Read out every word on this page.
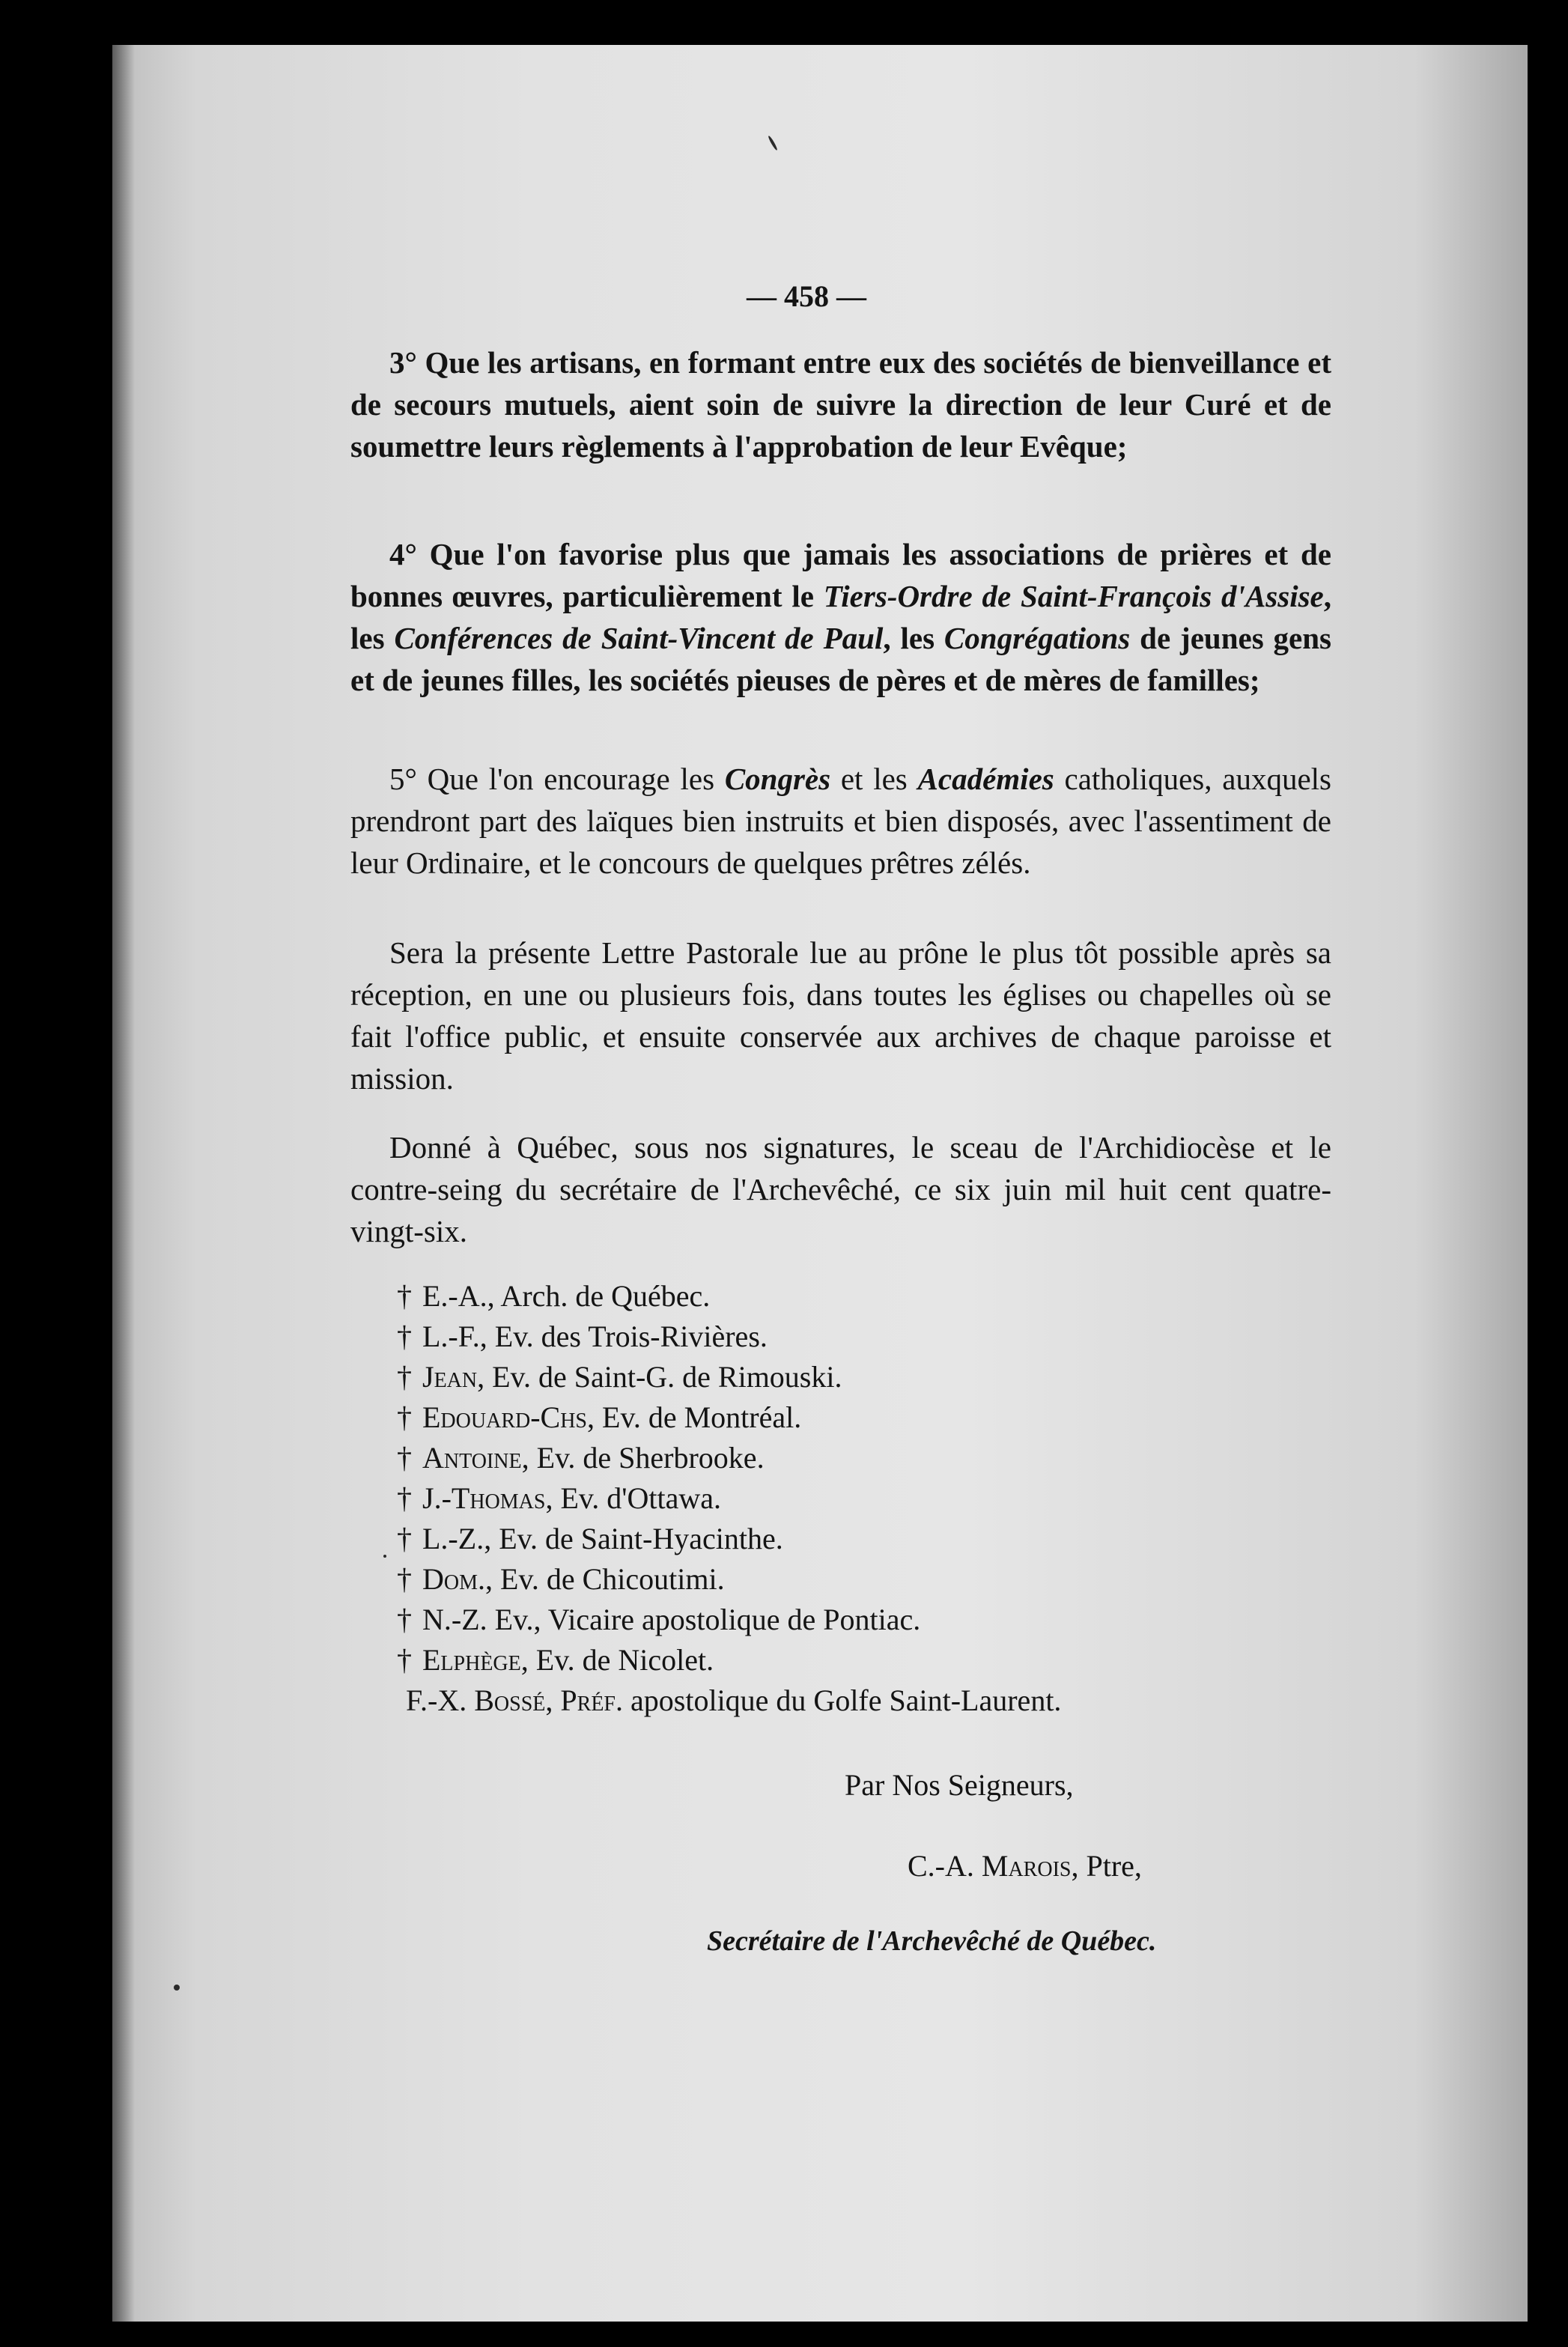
— 458 —
3° Que les artisans, en formant entre eux des sociétés de bienveillance et de secours mutuels, aient soin de suivre la direction de leur Curé et de soumettre leurs règlements à l'approbation de leur Evêque;
4° Que l'on favorise plus que jamais les associations de prières et de bonnes œuvres, particulièrement le Tiers-Ordre de Saint-François d'Assise, les Conférences de Saint-Vincent de Paul, les Congrégations de jeunes gens et de jeunes filles, les sociétés pieuses de pères et de mères de familles;
5° Que l'on encourage les Congrès et les Académies catholiques, auxquels prendront part des laïques bien instruits et bien disposés, avec l'assentiment de leur Ordinaire, et le concours de quelques prêtres zélés.
Sera la présente Lettre Pastorale lue au prône le plus tôt possible après sa réception, en une ou plusieurs fois, dans toutes les églises ou chapelles où se fait l'office public, et ensuite conservée aux archives de chaque paroisse et mission.
Donné à Québec, sous nos signatures, le sceau de l'Archidiocèse et le contre-seing du secrétaire de l'Archevêché, ce six juin mil huit cent quatre-vingt-six.
† E.-A., Arch. de Québec.
† L.-F., Ev. des Trois-Rivières.
† Jean, Ev. de Saint-G. de Rimouski.
† Edouard-Chs, Ev. de Montréal.
† Antoine, Ev. de Sherbrooke.
† J.-Thomas, Ev. d'Ottawa.
† L.-Z., Ev. de Saint-Hyacinthe.
† Dom., Ev. de Chicoutimi.
† N.-Z. Ev., Vicaire apostolique de Pontiac.
† Elphège, Ev. de Nicolet.
F.-X. Bossé, Préf. apostolique du Golfe Saint-Laurent.
Par Nos Seigneurs,
C.-A. Marois, Ptre,
Secrétaire de l'Archevêché de Québec.
